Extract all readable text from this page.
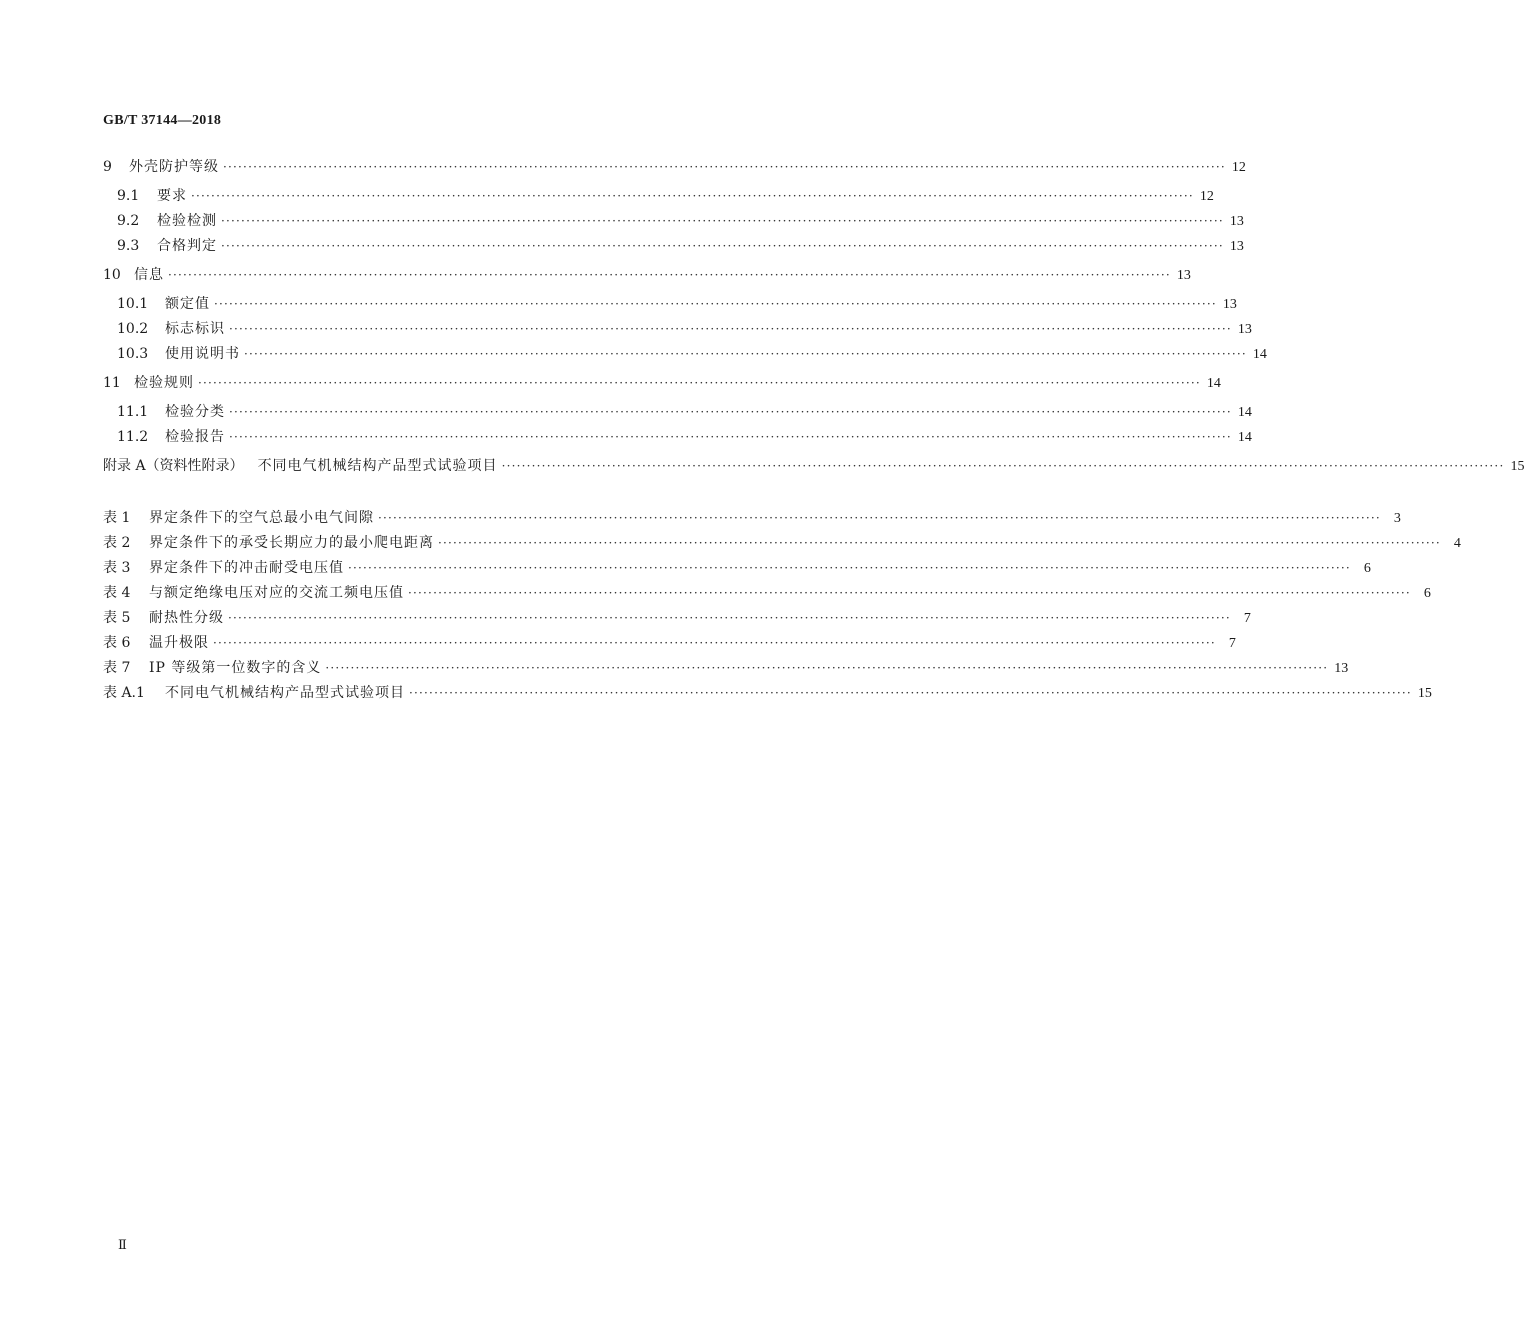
GB/T 37144—2018
9	外壳防护等级 ········································································································································································································ 12
9.1	要求 ········································································································································································································ 12
9.2	检验检测 ········································································································································································································ 13
9.3	合格判定 ········································································································································································································ 13
10 信息 ········································································································································································································ 13
10.1	额定值 ········································································································································································································ 13
10.2	标志标识 ········································································································································································································ 13
10.3	使用说明书 ········································································································································································································ 14
11 检验规则 ········································································································································································································ 14
11.1	检验分类 ········································································································································································································ 14
11.2	检验报告 ········································································································································································································ 14
附录 A（资料性附录） 不同电气机械结构产品型式试验项目 ········································································································································································································ 15
表 1	界定条件下的空气总最小电气间隙 ········································································································································································································ 3
表 2	界定条件下的承受长期应力的最小爬电距离 ········································································································································································································ 4
表 3	界定条件下的冲击耐受电压值 ········································································································································································································ 6
表 4	与额定绝缘电压对应的交流工频电压值 ········································································································································································································ 6
表 5	耐热性分级 ········································································································································································································ 7
表 6	温升极限 ········································································································································································································ 7
表 7	IP 等级第一位数字的含义 ········································································································································································································ 13
表 A.1	不同电气机械结构产品型式试验项目 ········································································································································································································ 15
Ⅱ
